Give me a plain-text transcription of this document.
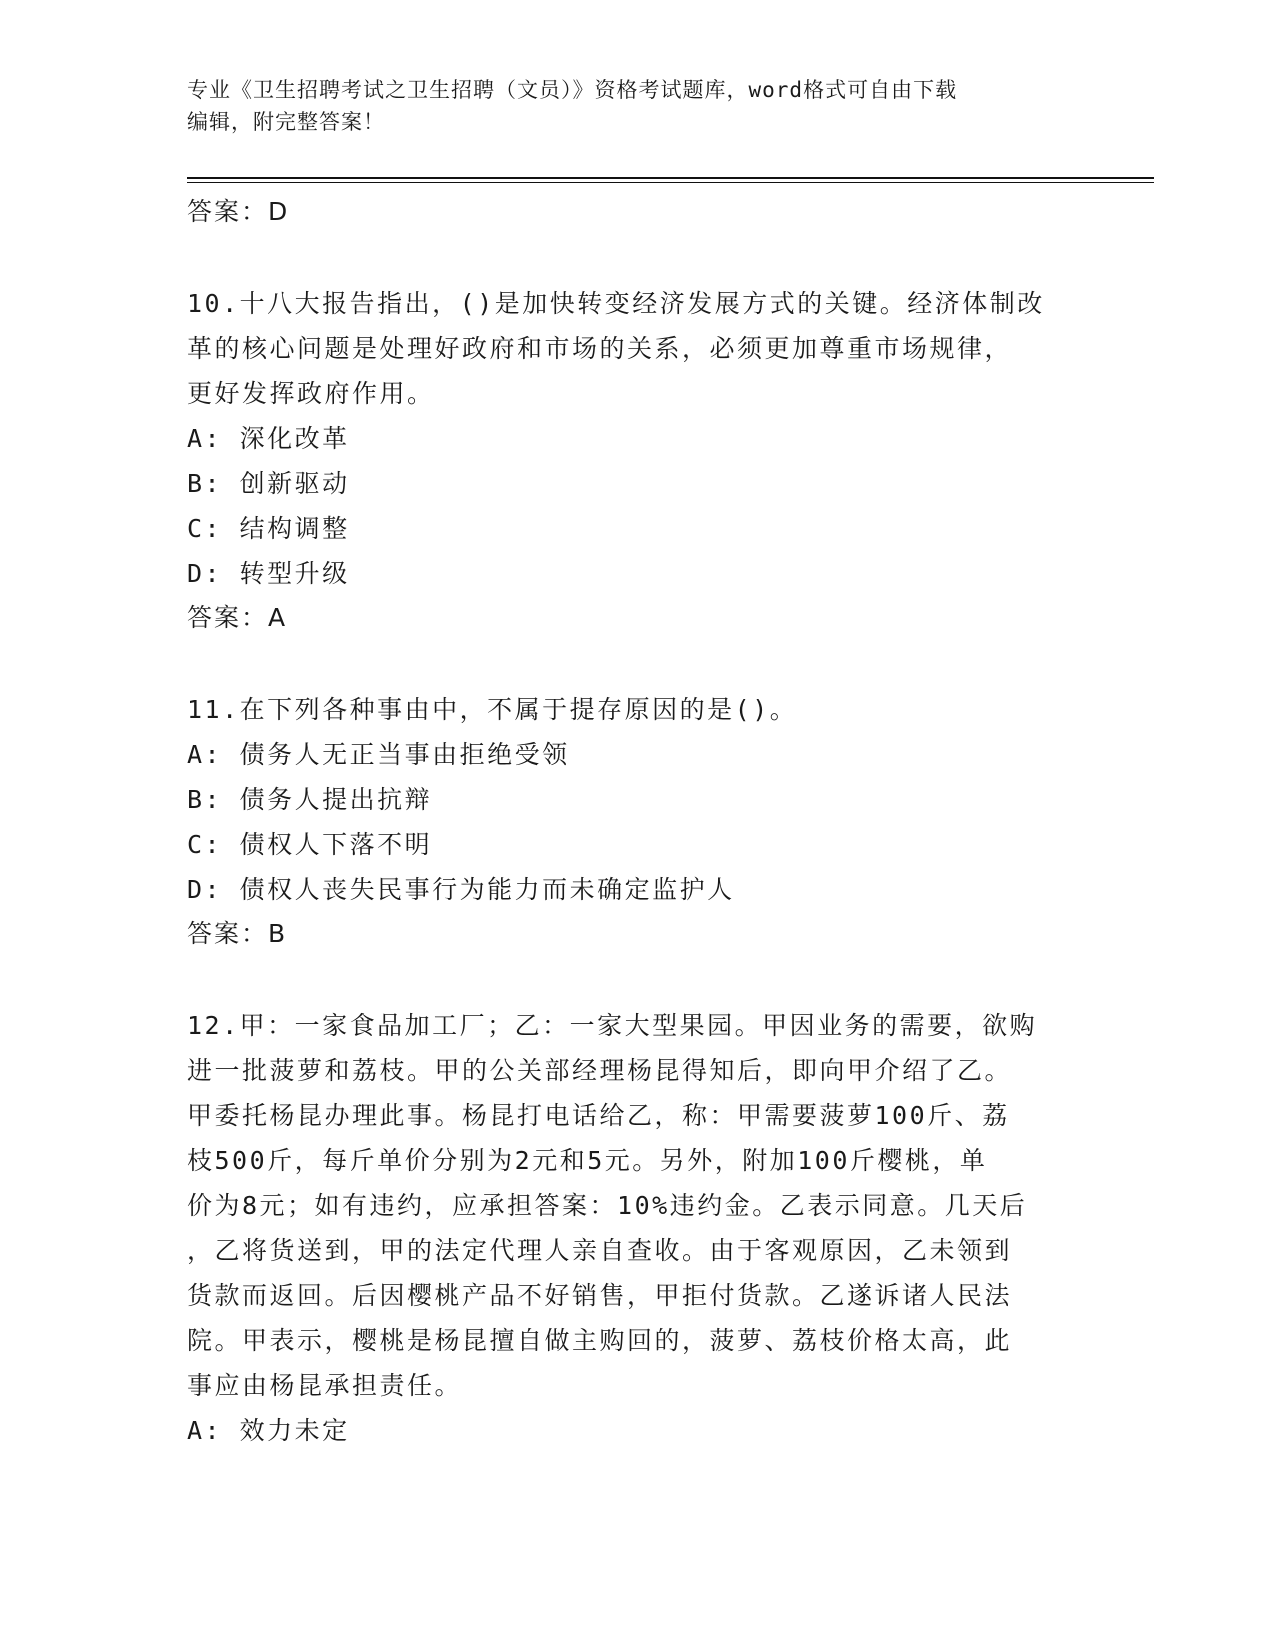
专业《卫生招聘考试之卫生招聘（文员）》资格考试题库，word格式可自由下载
编辑，附完整答案！
答案：D
10.十八大报告指出，()是加快转变经济发展方式的关键。经济体制改
革的核心问题是处理好政府和市场的关系，必须更加尊重市场规律，
更好发挥政府作用。
A: 深化改革
B: 创新驱动
C: 结构调整
D: 转型升级
答案：A
11.在下列各种事由中，不属于提存原因的是()。
A: 债务人无正当事由拒绝受领
B: 债务人提出抗辩
C: 债权人下落不明
D: 债权人丧失民事行为能力而未确定监护人
答案：B
12.甲：一家食品加工厂；乙：一家大型果园。甲因业务的需要，欲购
进一批菠萝和荔枝。甲的公关部经理杨昆得知后，即向甲介绍了乙。
甲委托杨昆办理此事。杨昆打电话给乙，称：甲需要菠萝100斤、荔
枝500斤，每斤单价分别为2元和5元。另外，附加100斤樱桃，单
价为8元；如有违约，应承担答案：10%违约金。乙表示同意。几天后
，乙将货送到，甲的法定代理人亲自查收。由于客观原因，乙未领到
货款而返回。后因樱桃产品不好销售，甲拒付货款。乙遂诉诸人民法
院。甲表示，樱桃是杨昆擅自做主购回的，菠萝、荔枝价格太高，此
事应由杨昆承担责任。
A: 效力未定
